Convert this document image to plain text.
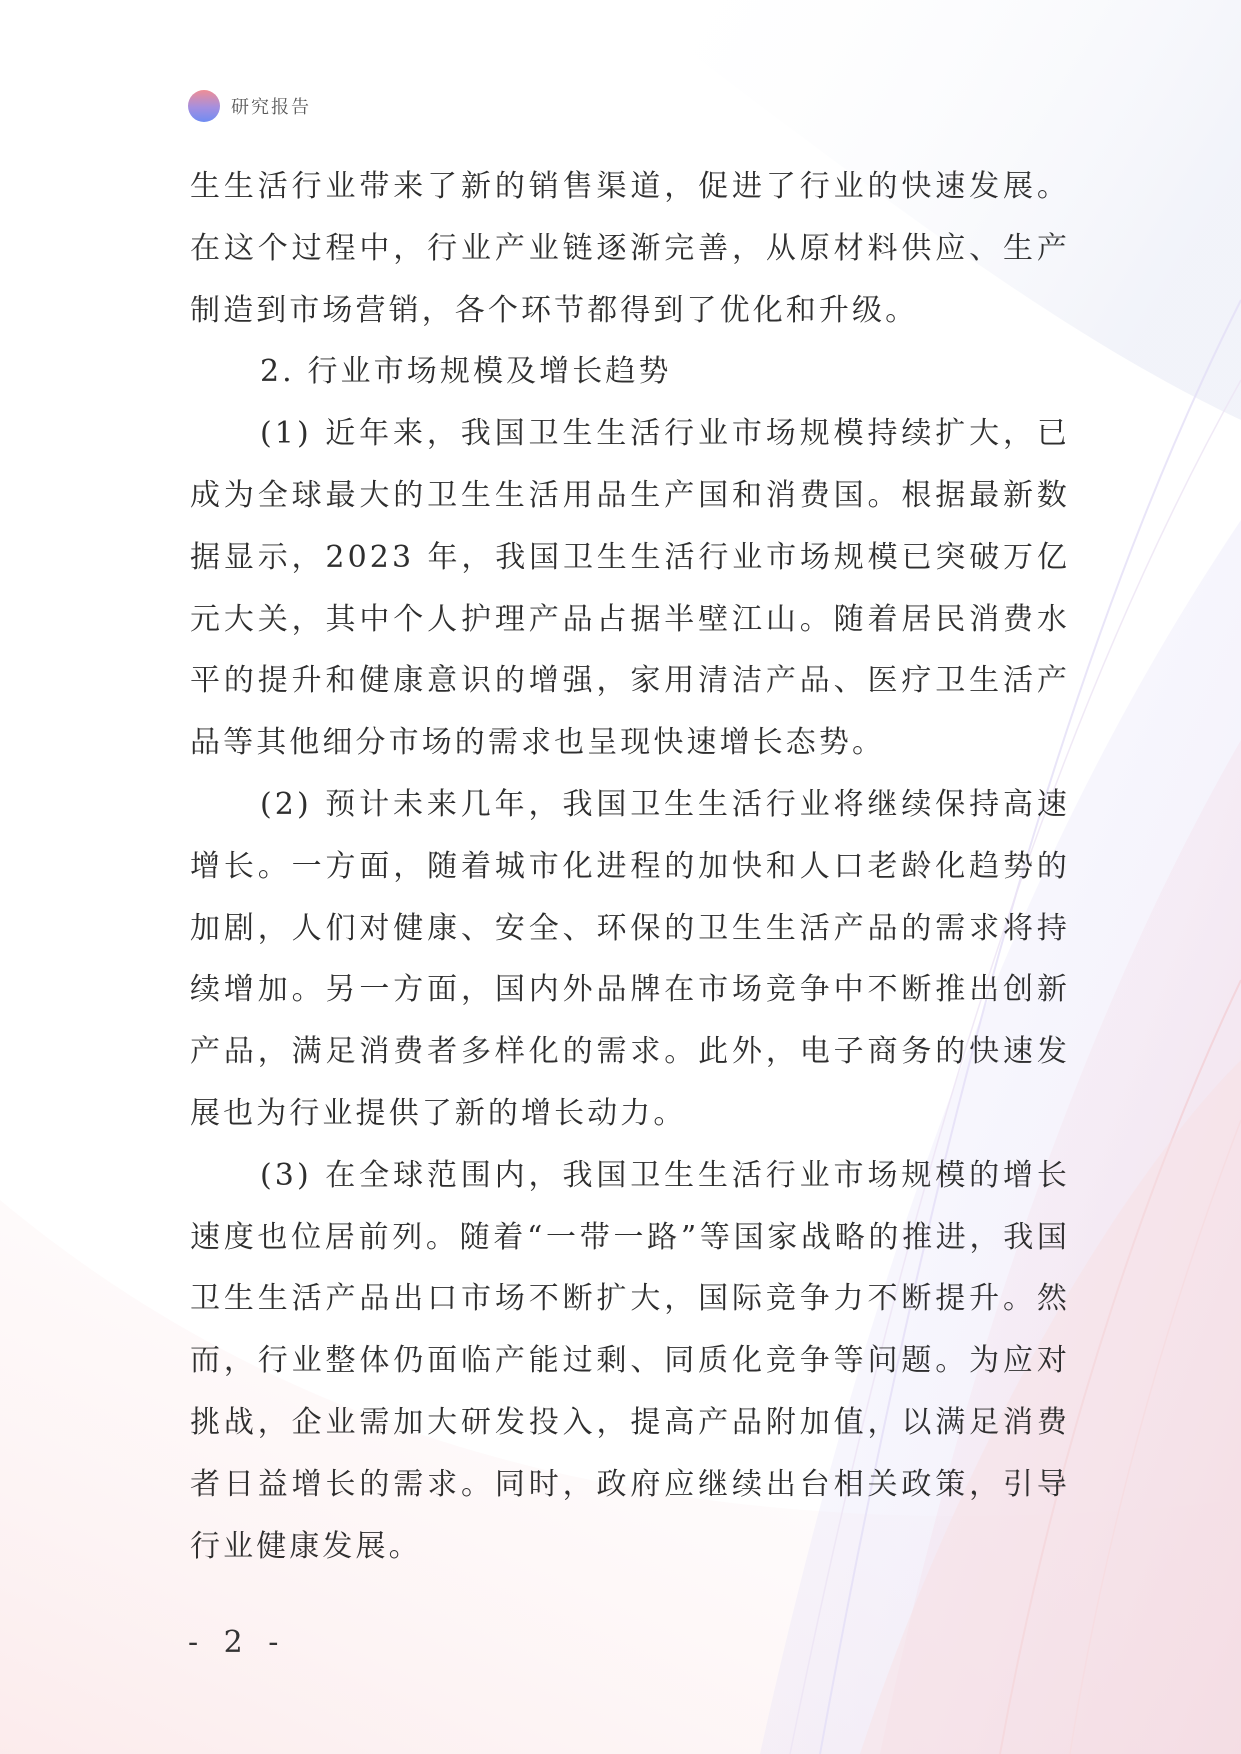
研究报告

生生活行业带来了新的销售渠道，促进了行业的快速发展。在这个过程中，行业产业链逐渐完善，从原材料供应、生产制造到市场营销，各个环节都得到了优化和升级。

2. 行业市场规模及增长趋势

(1) 近年来，我国卫生生活行业市场规模持续扩大，已成为全球最大的卫生生活用品生产国和消费国。根据最新数据显示，2023 年，我国卫生生活行业市场规模已突破万亿元大关，其中个人护理产品占据半壁江山。随着居民消费水平的提升和健康意识的增强，家用清洁产品、医疗卫生活产品等其他细分市场的需求也呈现快速增长态势。

(2) 预计未来几年，我国卫生生活行业将继续保持高速增长。一方面，随着城市化进程的加快和人口老龄化趋势的加剧，人们对健康、安全、环保的卫生生活产品的需求将持续增加。另一方面，国内外品牌在市场竞争中不断推出创新产品，满足消费者多样化的需求。此外，电子商务的快速发展也为行业提供了新的增长动力。

(3) 在全球范围内，我国卫生生活行业市场规模的增长速度也位居前列。随着“一带一路”等国家战略的推进，我国卫生生活产品出口市场不断扩大，国际竞争力不断提升。然而，行业整体仍面临产能过剩、同质化竞争等问题。为应对挑战，企业需加大研发投入，提高产品附加值，以满足消费者日益增长的需求。同时，政府应继续出台相关政策，引导行业健康发展。

- 2 -
